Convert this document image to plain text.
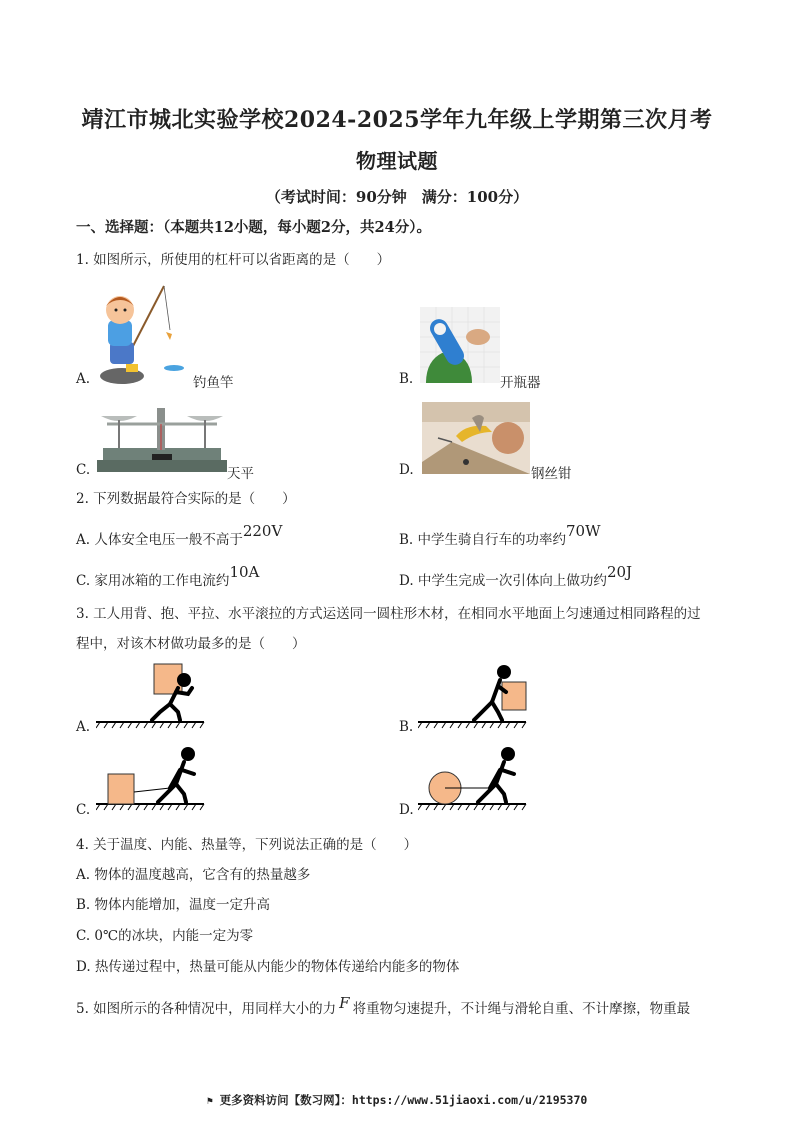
靖江市城北实验学校2024-2025学年九年级上学期第三次月考
物理试题
（考试时间：90分钟　满分：100分）
一、选择题：（本题共12小题，每小题2分，共24分）。
1. 如图所示，所使用的杠杆可以省距离的是（　　）
A.	钓鱼竿	B.	开瓶器
C.	天平	D.	钢丝钳
2. 下列数据最符合实际的是（　　）
A. 人体安全电压一般不高于220V	B. 中学生骑自行车的功率约70W
C. 家用冰箱的工作电流约10A	D. 中学生完成一次引体向上做功约20J
3. 工人用背、抱、平拉、水平滚拉的方式运送同一圆柱形木材，在相同水平地面上匀速通过相同路程的过
程中，对该木材做功最多的是（　　）
A.	B.
C.	D.
4. 关于温度、内能、热量等，下列说法正确的是（　　）
A. 物体的温度越高，它含有的热量越多
B. 物体内能增加，温度一定升高
C. 0℃的冰块，内能一定为零
D. 热传递过程中，热量可能从内能少的物体传递给内能多的物体
5. 如图所示的各种情况中，用同样大小的力 F 将重物匀速提升，不计绳与滑轮自重、不计摩擦，物重最
⚑ 更多资料访问【数习网】：https://www.51jiaoxi.com/u/2195370
